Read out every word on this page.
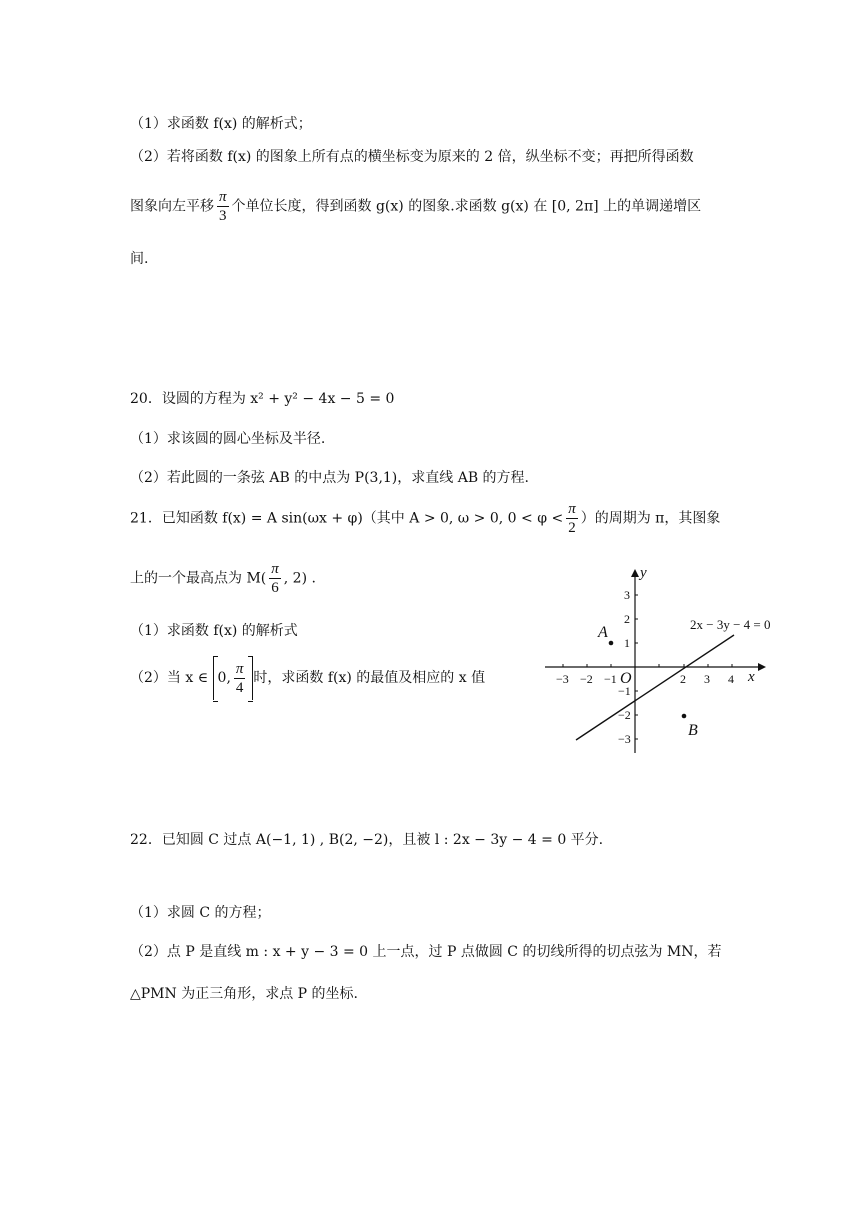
（1）求函数 f(x) 的解析式；
（2）若将函数 f(x) 的图象上所有点的横坐标变为原来的 2 倍，纵坐标不变；再把所得函数
图象向左平移 $\frac{\pi}{3}$ 个单位长度，得到函数 g(x) 的图象.求函数 g(x) 在 [0, 2π] 上的单调递增区
间.
20．设圆的方程为 x² + y² − 4x − 5 = 0
（1）求该圆的圆心坐标及半径.
（2）若此圆的一条弦 AB 的中点为 P(3,1)，求直线 AB 的方程.
21．已知函数 f(x) = A sin(ωx + φ)（其中 A > 0, ω > 0, $0 < \varphi < \frac{\pi}{2}$ ）的周期为 π，其图象
上的一个最高点为 $M( \frac{\pi}{6}$ , 2) .
（1）求函数 f(x) 的解析式
（2）当 x ∈ 0, $\frac{\pi}{4}$ 时，求函数 f(x) 的最值及相应的 x 值	−3 −2 −1	2 3 4
3
2
1
−1
−2
−3
y
x
O
2x − 3y − 4 = 0
A
B
22．已知圆 C 过点 A(−1, 1) , B(2, −2)，且被 l : 2x − 3y − 4 = 0 平分.
（1）求圆 C 的方程；
（2）点 P 是直线 m : x + y − 3 = 0 上一点，过 P 点做圆 C 的切线所得的切点弦为 MN，若
△PMN 为正三角形，求点 P 的坐标.
